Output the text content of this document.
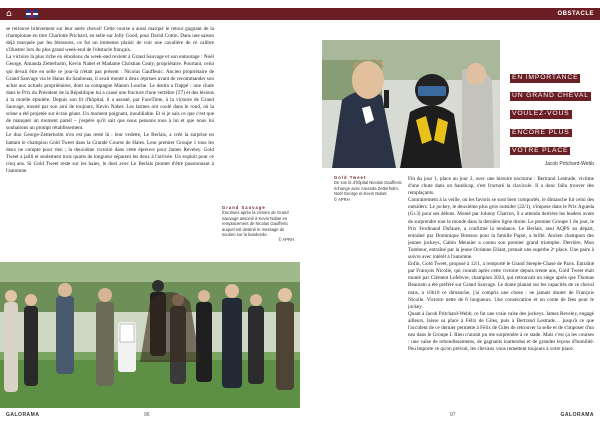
⌂

se retrouve brièvement sur leur autre cheval! Cette course a aussi marqué le retour gagnant de la championne en titre Charlotte Prichard, en selle sur Jolly Good, pour David Cottin. Dans une saison déjà marquée par les blessures, ce fut un immense plaisir de voir une cavalière de ce calibre s'illustrer lors du plus grand week-end de l'obstacle français.

La victoire la plus riche en émotions du week-end revient à Grand Sauvage et son entourage : Noël George, Amanda Zetterholm, Kevin Nabet et Madame Christian Cealy, propriétaire. Pourtant, celui qui devait être en selle ce jour-là n'était pas présent : Nicolas Gauffenic. Ancien propriétaire de Grand Sauvage via le Haras du Saubouas, il avait monté à deux reprises avant de recommander son achat aux actuels propriétaires, dont sa compagne Manon Louche. Le destin a frappé : une chute dans le Prix du Président de la République lui a causé une fracture d'une vertèbre (T7) et des lésions à la moelle épinière. Depuis son lit d'hôpital, il a assisté, par FaceTime, à la victoire de Grand Sauvage, monté par son ami de toujours, Kevin Nabet. Les larmes ont coulé dans le rond, où la scène a été projetée sur écran géant. Un moment poignant, inoubliable. Et si je sais ce que c'est que de manquer un moment pareil – j'espère qu'il sait que nous pensons tous à lui et que nous lui souhaitons un prompt rétablissement.

Le duo George-Zetterholm n'en est pas resté là : leur vedette, Le Berlais, a créé la surprise en battant le champion Gold Tweet dans la Grande Course de Haies. Leur premier Groupe 1 tous les deux ne compte pour rien ; la deuxième victoire dans cette épreuve pour James Reveley. Gold Tweet a jailli et seulement trois quarts de longueur séparent les deux à l'arrivée. Un exploit pour ce cinq ans. Si Gold Tweet reste sur les haies, le duel avec Le Berlais promet d'être passionnant à l'automne.

Grand Sauvage
Émotions après la victoire de Grand Sauvage associé à Kevin Nabet en remplacement de Nicolas Gauffenic auquel est destiné le message de soutien sur la banderole.
© APRH
GALORAMA	96
OBSTACLE
EN IMPORTANCE
UN GRAND CHEVAL
VOULEZ-VOUS
ENCORE PLUS
VOTRE PLACE
Jacob Pritchard-Webb
Gold Tweet
De son lit d'hôpital Nicolas Gauffenic échange avec Amanda Zetterholm, Noël George et Kevin Nabet.
© APRH

Fin du jour 1, place au jour 2, avec une histoire nocturne : Bertrand Lestrade, victime d'une chute dans un handicap, s'est fracturé la clavicule. Il a donc fallu trouver des remplaçants.

Contrairement à la veille, où les favoris se sont bien comportés, le dimanche fut celui des outsiders. Le jockey, le deuxième plus gros outsider (22/1), s'impose dans le Prix Agueda (Gr.3) pour ses débuts. Monté par Johnny Charron, il a attendu derrière les leaders avant de surprendre tout le monde dans la dernière ligne droite. Le premier Groupe 1 du jour, le Prix Ferdinand Dufaure, a confirmé la tendance. Le Berlais, seul AQPS au départ, entraîné par Dominique Bressou pour la famille Papot, a brillé. Ancien champion des jeunes jockeys, Gabin Meunier a connu son premier grand triomphe. Derrière, Mon Tombeur, entraîné par la jeune Océanne Eliant, prenait une superbe 2ᵉ place. Une paire à suivre avec intérêt à l'automne.

Enfin, Gold Tweet, proposé à 12/1, a remporté le Grand Steeple-Chase de Paris. Entraîné par François Nicolle, qui courait après cette victoire depuis trente ans, Gold Tweet était monté par Clément Lefebvre, champion 2024, qui retrouvait un siège après que Thomas Beaurain a été préféré sur Grand Sauvage. Le doute planait sur les capacités de ce cheval mais, à 16h10 ce dimanche, j'ai compris une chose : ne jamais douter de François Nicolle. Victoire nette de 6 longueurs. Une consécration et un conte de fées pour le jockey.

Quant à Jacob Pritchard-Webb, ce fut une vraie valse des jockeys. James Reveley, engagé ailleurs, laisse sa place à Félix de Giles, puis à Bertrand Lestrade… jusqu'à ce que l'accident de ce dernier permette à Félix de Giles de retrouver la selle et de s'imposer d'un nez dans le Groupe I. Rien n'aurait pu me surprendre à ce stade. Mais c'est ça les courses : une valse de rebondissements, de gagnants inattendus et de grandes leçons d'humilité. Peu importe ce qu'on prévoit, les chevaux vous remettent toujours à votre place.

97	GALORAMA
